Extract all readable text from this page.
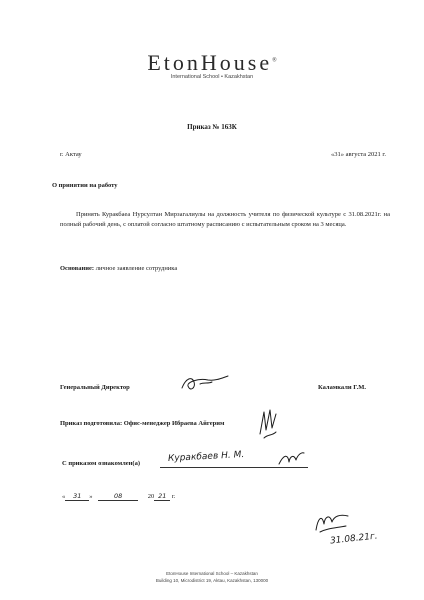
EtonHouse®
International School • Kazakhstan
Приказ № 163К
г. Актау	«31» августа 2021 г.
О принятии на работу
Принять Куракбаеа Нурсултан Мирзагалиулы на должность учителя по физической культуре с 31.08.2021г. на полный рабочий день, с оплатой согласно штатному расписанию с испытательным сроком на 3 месяца.
Основание: личное заявление сотрудника
Генеральный Директор	Каламкали Г.М.
Приказ подготовила: Офис-менеджер Ибраева Айгерим
С приказом ознакомлен(а)	Куракбаев Н. М.
« 31 »	08	20 21 г.
31.08.21г.
EtonHouse International School – Kazakhstan
Building 10, Microdistrict 19, Aktau, Kazakhstan, 130000
